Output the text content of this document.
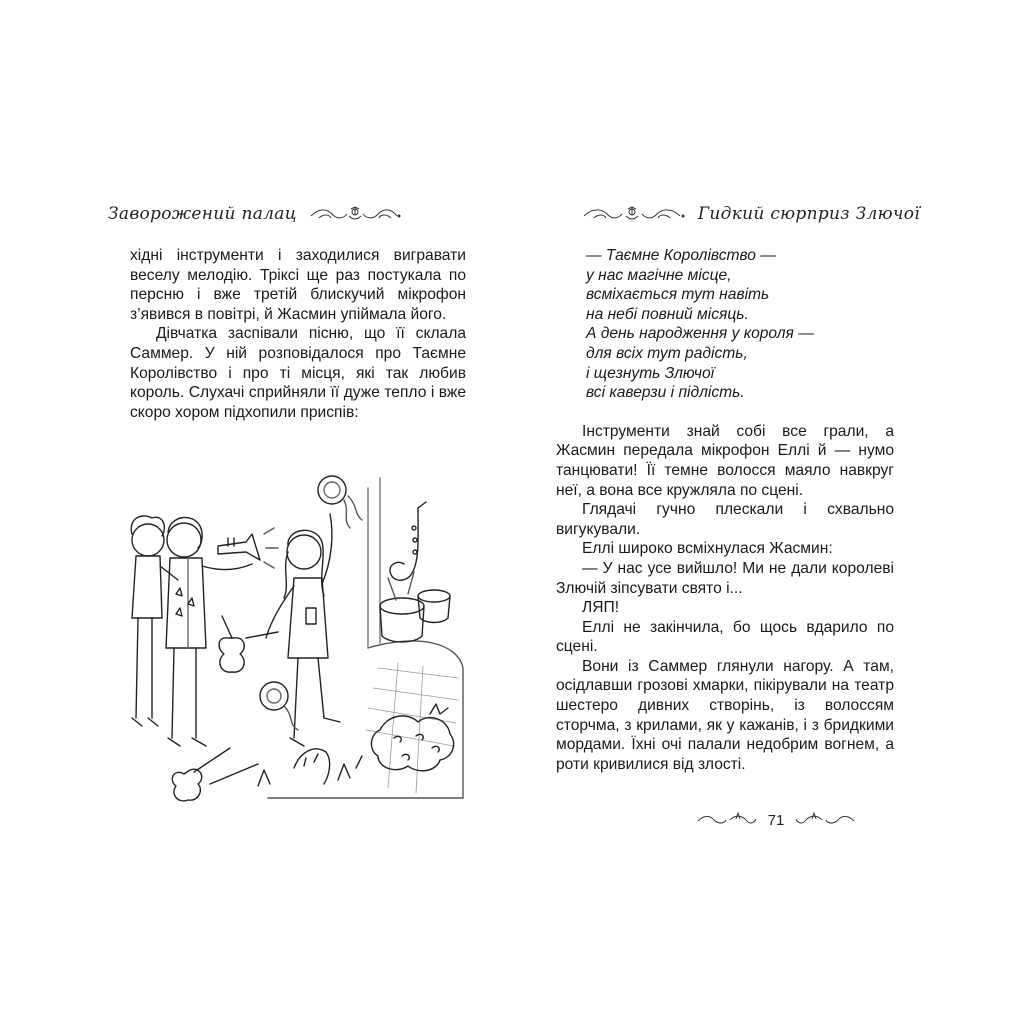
Заворожений палац	Гидкий сюрприз Злючої

хідні інструменти і заходилися вигравати веселу мелодію. Тріксі ще раз постукала по персню і вже третій блискучий мікрофон з’явився в повітрі, й Жасмин упіймала його.

Дівчатка заспівали пісню, що її склала Саммер. У ній розповідалося про Таємне Королівство і про ті місця, які так любив король. Слухачі сприйняли її дуже тепло і вже скоро хором підхопили приспів:

— Таємне Королівство —
у нас магічне місце,
всміхається тут навіть
на небі повний місяць.
А день народження у короля —
для всіх тут радість,
і щезнуть Злючої
всі каверзи і підлість.

Інструменти знай собі все грали, а Жасмин передала мікрофон Еллі й — нумо танцювати! Її темне волосся маяло навкруг неї, а вона все кружляла по сцені.

Глядачі гучно плескали і схвально вигукували.

Еллі широко всміхнулася Жасмин:

— У нас усе вийшло! Ми не дали королеві Злючій зіпсувати свято і...

ЛЯП!

Еллі не закінчила, бо щось вдарило по сцені.

Вони із Саммер глянули нагору. А там, осідлавши грозові хмарки, пікірували на театр шестеро дивних створінь, із волоссям сторчма, з крилами, як у кажанів, і з бридкими мордами. Їхні очі палали недобрим вогнем, а роти кривилися від злості.

71
